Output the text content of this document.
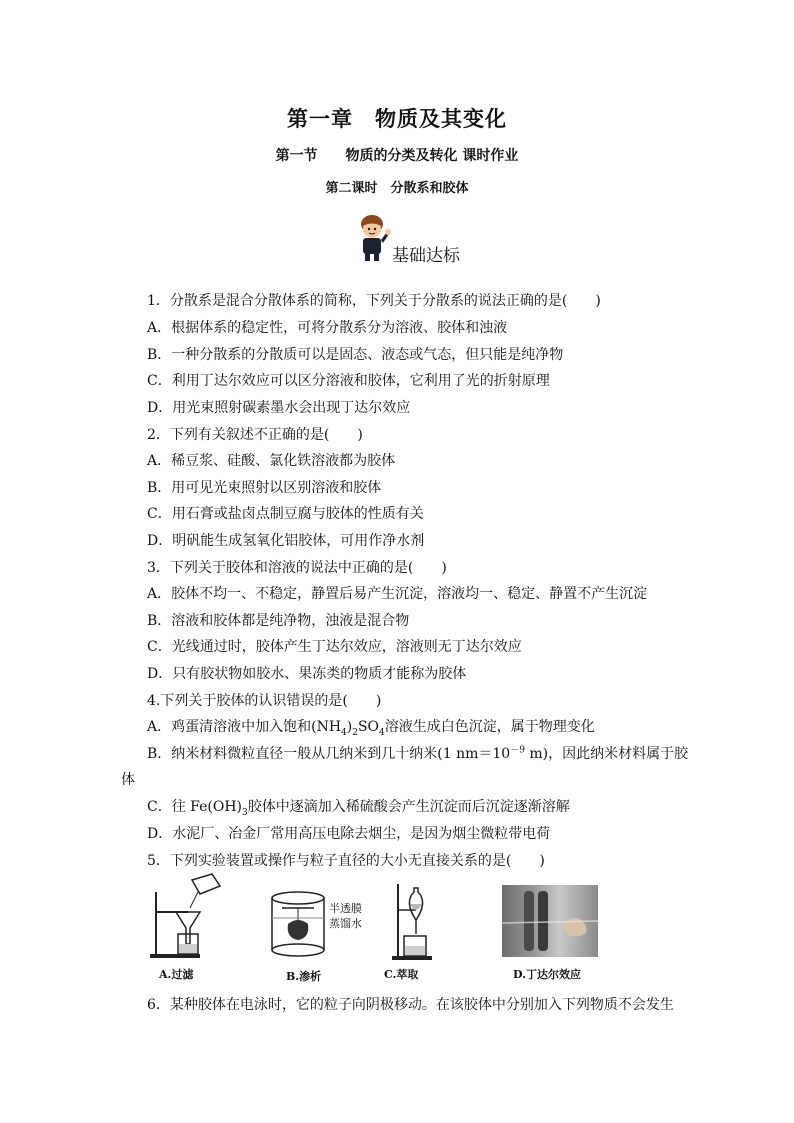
第一章　物质及其变化
第一节　　物质的分类及转化 课时作业
第二课时　分散系和胶体
基础达标
1．分散系是混合分散体系的简称，下列关于分散系的说法正确的是(　　)
A．根据体系的稳定性，可将分散系分为溶液、胶体和浊液
B．一种分散系的分散质可以是固态、液态或气态，但只能是纯净物
C．利用丁达尔效应可以区分溶液和胶体，它利用了光的折射原理
D．用光束照射碳素墨水会出现丁达尔效应
2．下列有关叙述不正确的是(　　)
A．稀豆浆、硅酸、氯化铁溶液都为胶体
B．用可见光束照射以区别溶液和胶体
C．用石膏或盐卤点制豆腐与胶体的性质有关
D．明矾能生成氢氧化铝胶体，可用作净水剂
3．下列关于胶体和溶液的说法中正确的是(　　)
A．胶体不均一、不稳定，静置后易产生沉淀，溶液均一、稳定、静置不产生沉淀
B．溶液和胶体都是纯净物，浊液是混合物
C．光线通过时，胶体产生丁达尔效应，溶液则无丁达尔效应
D．只有胶状物如胶水、果冻类的物质才能称为胶体
4.下列关于胶体的认识错误的是(　　)
A．鸡蛋清溶液中加入饱和$(NH_4)_2SO_4$溶液生成白色沉淀，属于物理变化
B．纳米材料微粒直径一般从几纳米到几十纳米(1 $nm=10^{-9}$ m)，因此纳米材料属于胶
体
C．往 $Fe(OH)_3$胶体中逐滴加入稀硫酸会产生沉淀而后沉淀逐渐溶解
D．水泥厂、冶金厂常用高压电除去烟尘，是因为烟尘微粒带电荷
5．下列实验装置或操作与粒子直径的大小无直接关系的是(　　)
A.过滤
半透膜
蒸馏水
B.渗析	C.萃取	D.丁达尔效应
6．某种胶体在电泳时，它的粒子向阴极移动。在该胶体中分别加入下列物质不会发生
